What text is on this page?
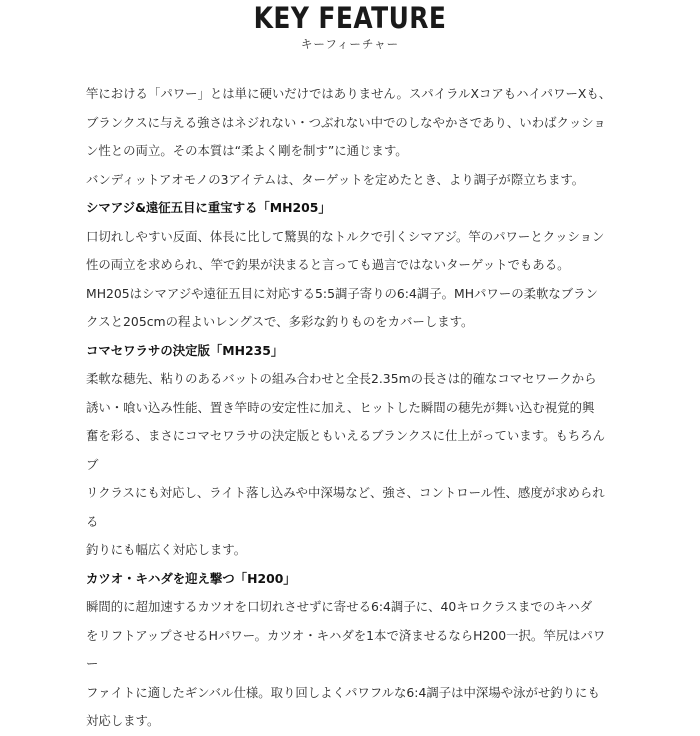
KEY FEATURE
キーフィーチャー

竿における「パワー」とは単に硬いだけではありません。スパイラルXコアもハイパワーXも、

ブランクスに与える強さはネジれない・つぶれない中でのしなやかさであり、いわばクッショ

ン性との両立。その本質は“柔よく剛を制す”に通じます。

バンディットアオモノの3アイテムは、ターゲットを定めたとき、より調子が際立ちます。

シマアジ&遠征五目に重宝する「MH205」

口切れしやすい反面、体長に比して驚異的なトルクで引くシマアジ。竿のパワーとクッション

性の両立を求められ、竿で釣果が決まると言っても過言ではないターゲットでもある。

MH205はシマアジや遠征五目に対応する5:5調子寄りの6:4調子。MHパワーの柔軟なブラン

クスと205cmの程よいレングスで、多彩な釣りものをカバーします。

コマセワラサの決定版「MH235」

柔軟な穂先、粘りのあるバットの組み合わせと全長2.35mの長さは的確なコマセワークから

誘い・喰い込み性能、置き竿時の安定性に加え、ヒットした瞬間の穂先が舞い込む視覚的興

奮を彩る、まさにコマセワラサの決定版ともいえるブランクスに仕上がっています。もちろんブ

リクラスにも対応し、ライト落し込みや中深場など、強さ、コントロール性、感度が求められる

釣りにも幅広く対応します。

カツオ・キハダを迎え撃つ「H200」

瞬間的に超加速するカツオを口切れさせずに寄せる6:4調子に、40キロクラスまでのキハダ

をリフトアップさせるHパワー。カツオ・キハダを1本で済ませるならH200一択。竿尻はパワー

ファイトに適したギンバル仕様。取り回しよくパワフルな6:4調子は中深場や泳がせ釣りにも

対応します。
